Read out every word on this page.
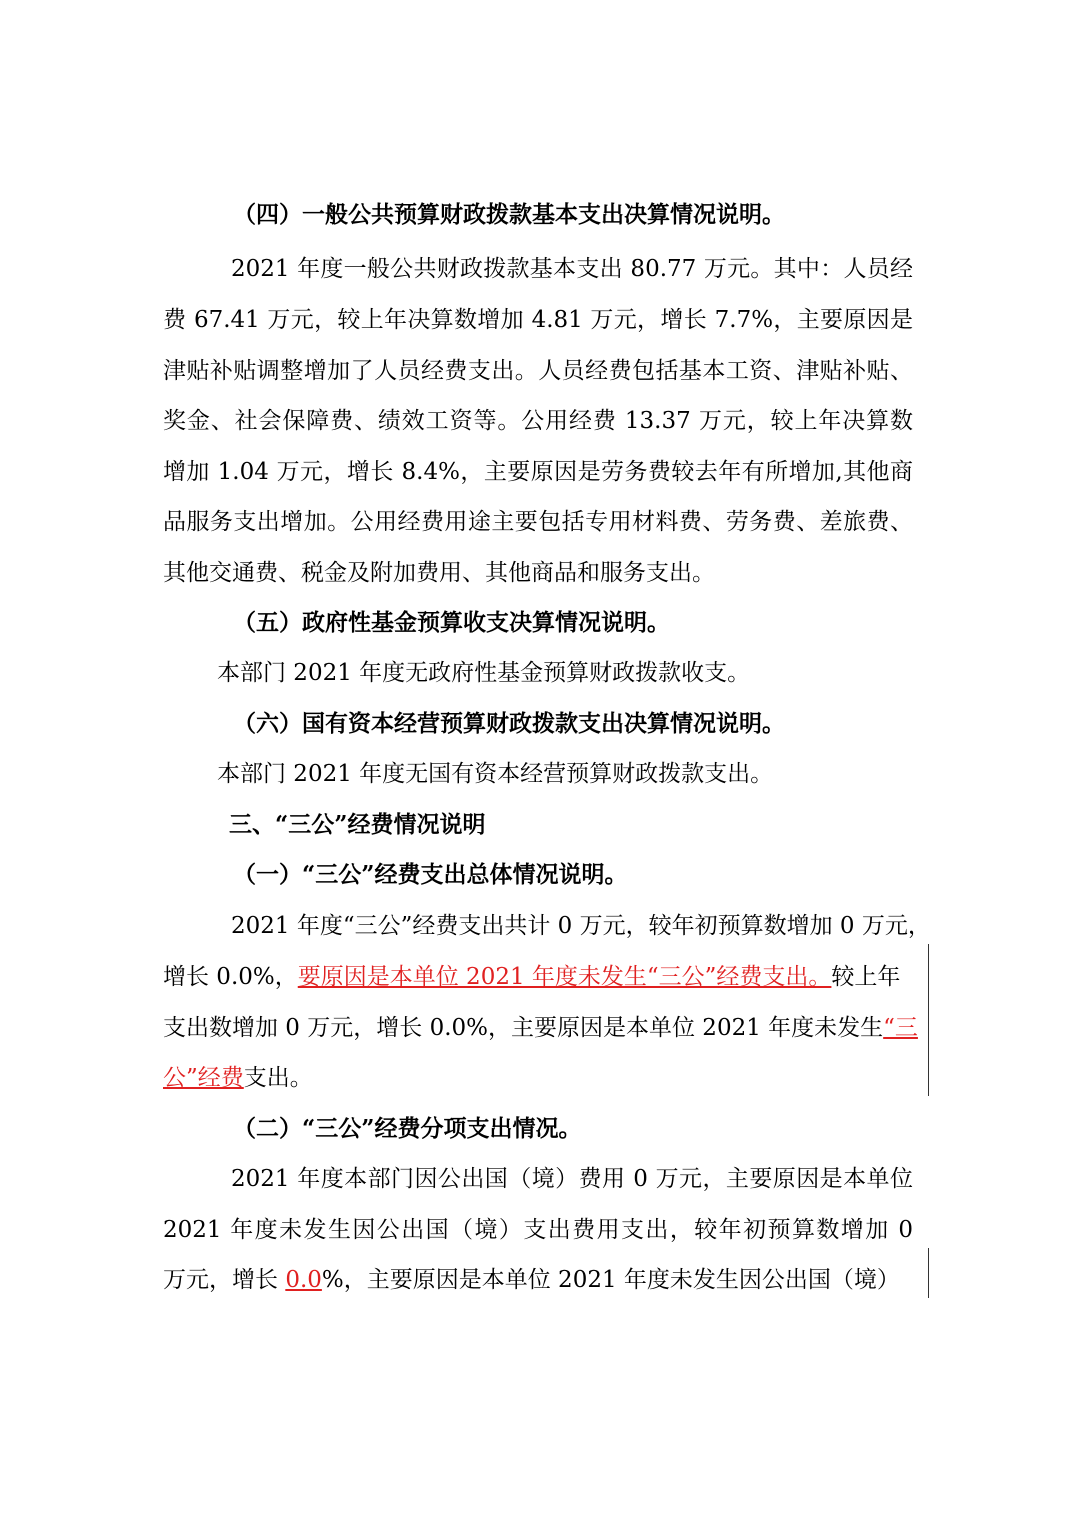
（四）一般公共预算财政拨款基本支出决算情况说明。
2021 年度一般公共财政拨款基本支出 80.77 万元。其中：人员经
费 67.41 万元，较上年决算数增加 4.81 万元，增长 7.7%，主要原因是
津贴补贴调整增加了人员经费支出。人员经费包括基本工资、津贴补贴、
奖金、社会保障费、绩效工资等。公用经费 13.37 万元，较上年决算数
增加 1.04 万元，增长 8.4%，主要原因是劳务费较去年有所增加,其他商
品服务支出增加。公用经费用途主要包括专用材料费、劳务费、差旅费、
其他交通费、税金及附加费用、其他商品和服务支出。
（五）政府性基金预算收支决算情况说明。
本部门 2021 年度无政府性基金预算财政拨款收支。
（六）国有资本经营预算财政拨款支出决算情况说明。
本部门 2021 年度无国有资本经营预算财政拨款支出。
三、“三公”经费情况说明
（一）“三公”经费支出总体情况说明。
2021 年度“三公”经费支出共计 0 万元，较年初预算数增加 0 万元，
增长 0.0%，要原因是本单位 2021 年度未发生“三公”经费支出。较上年
支出数增加 0 万元，增长 0.0%，主要原因是本单位 2021 年度未发生“三
公”经费支出。
（二）“三公”经费分项支出情况。
2021 年度本部门因公出国（境）费用 0 万元，主要原因是本单位
2021 年度未发生因公出国（境）支出费用支出，较年初预算数增加 0
万元，增长 0.0%，主要原因是本单位 2021 年度未发生因公出国（境）
